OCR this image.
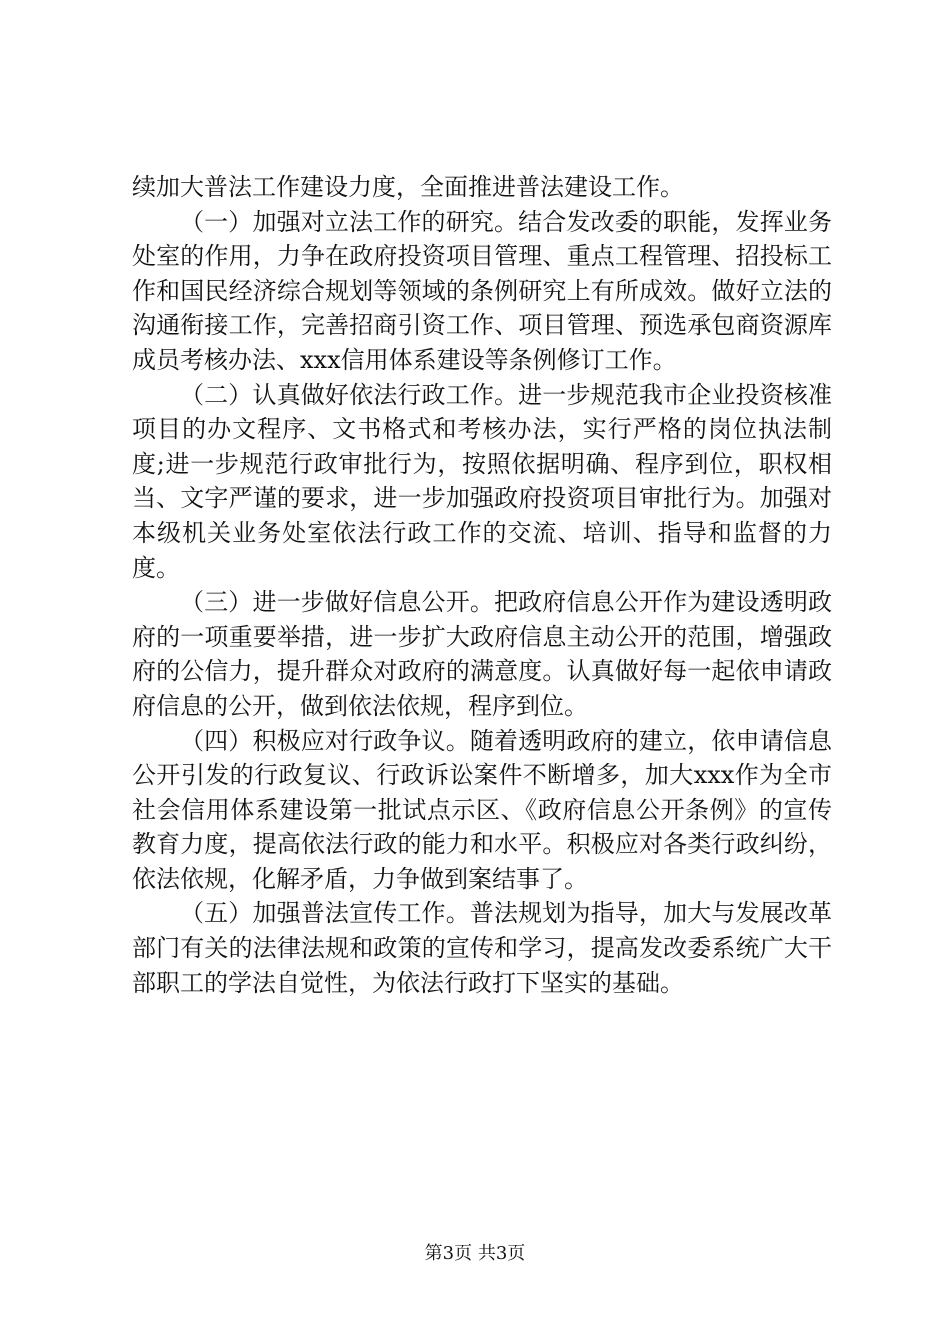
续加大普法工作建设力度，全面推进普法建设工作。

（一）加强对立法工作的研究。结合发改委的职能，发挥业务处室的作用，力争在政府投资项目管理、重点工程管理、招投标工作和国民经济综合规划等领域的条例研究上有所成效。做好立法的沟通衔接工作，完善招商引资工作、项目管理、预选承包商资源库成员考核办法、xxx信用体系建设等条例修订工作。

（二）认真做好依法行政工作。进一步规范我市企业投资核准项目的办文程序、文书格式和考核办法，实行严格的岗位执法制度;进一步规范行政审批行为，按照依据明确、程序到位，职权相当、文字严谨的要求，进一步加强政府投资项目审批行为。加强对本级机关业务处室依法行政工作的交流、培训、指导和监督的力度。

（三）进一步做好信息公开。把政府信息公开作为建设透明政府的一项重要举措，进一步扩大政府信息主动公开的范围，增强政府的公信力，提升群众对政府的满意度。认真做好每一起依申请政府信息的公开，做到依法依规，程序到位。

（四）积极应对行政争议。随着透明政府的建立，依申请信息公开引发的行政复议、行政诉讼案件不断增多，加大xxx作为全市社会信用体系建设第一批试点示区、《政府信息公开条例》的宣传教育力度，提高依法行政的能力和水平。积极应对各类行政纠纷，依法依规，化解矛盾，力争做到案结事了。

（五）加强普法宣传工作。普法规划为指导，加大与发展改革部门有关的法律法规和政策的宣传和学习，提高发改委系统广大干部职工的学法自觉性，为依法行政打下坚实的基础。

第3页 共3页
